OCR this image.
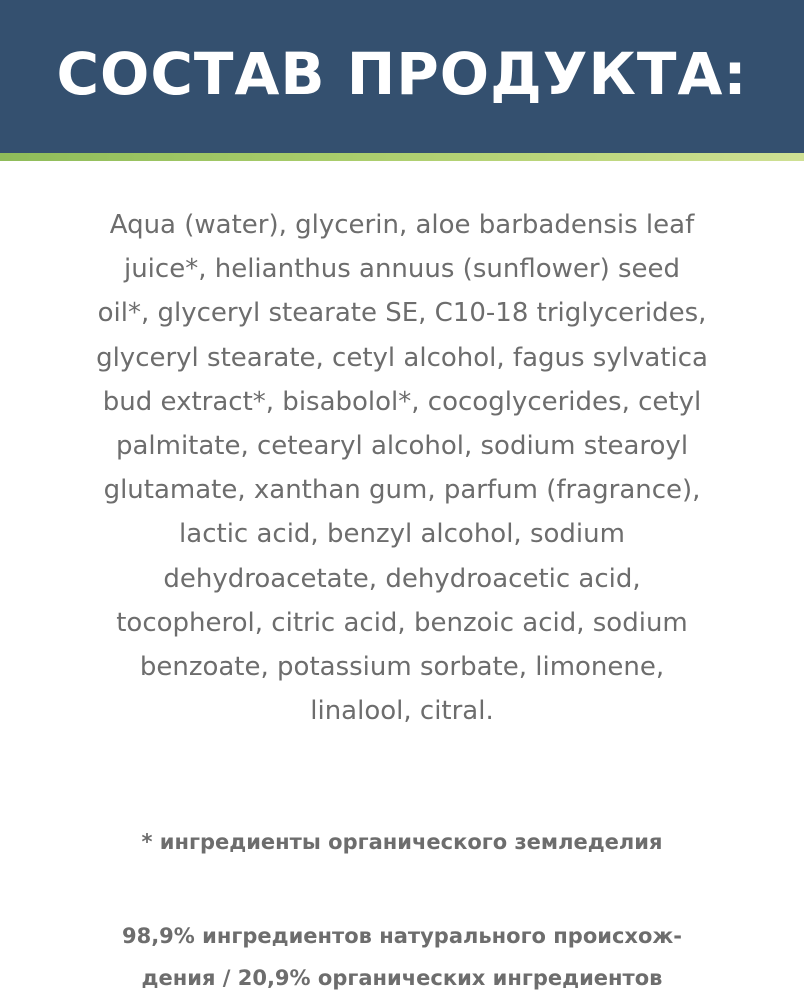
СОСТАВ ПРОДУКТА:

Aqua (water), glycerin, aloe barbadensis leaf
juice*, helianthus annuus (sunflower) seed
oil*, glyceryl stearate SE, C10-18 triglycerides,
glyceryl stearate, cetyl alcohol, fagus sylvatica
bud extract*, bisabolol*, cocoglycerides, cetyl
palmitate, cetearyl alcohol, sodium stearoyl
glutamate, xanthan gum, parfum (fragrance),
lactic acid, benzyl alcohol, sodium
dehydroacetate, dehydroacetic acid,
tocopherol, citric acid, benzoic acid, sodium
benzoate, potassium sorbate, limonene,
linalool, citral.

* ингредиенты органического земледелия

98,9% ингредиентов натурального происхож-
дения / 20,9% органических ингредиентов
